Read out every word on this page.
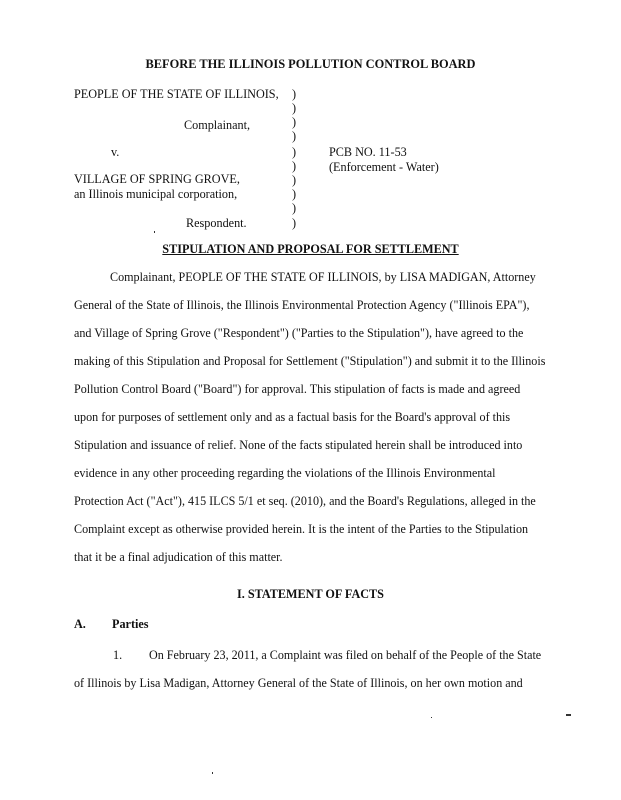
BEFORE THE ILLINOIS POLLUTION CONTROL BOARD
PEOPLE OF THE STATE OF ILLINOIS,
Complainant,
v.
VILLAGE OF SPRING GROVE,
an Illinois municipal corporation,
Respondent.
PCB NO. 11-53
(Enforcement - Water)
)
)
)
)
)
)
)
)
)
)
STIPULATION AND PROPOSAL FOR SETTLEMENT
Complainant, PEOPLE OF THE STATE OF ILLINOIS, by LISA MADIGAN, Attorney
General of the State of Illinois, the Illinois Environmental Protection Agency ("Illinois EPA"),
and Village of Spring Grove ("Respondent") ("Parties to the Stipulation"), have agreed to the
making of this Stipulation and Proposal for Settlement ("Stipulation") and submit it to the Illinois
Pollution Control Board ("Board") for approval. This stipulation of facts is made and agreed
upon for purposes of settlement only and as a factual basis for the Board's approval of this
Stipulation and issuance of relief. None of the facts stipulated herein shall be introduced into
evidence in any other proceeding regarding the violations of the Illinois Environmental
Protection Act ("Act"), 415 ILCS 5/1 et seq. (2010), and the Board's Regulations, alleged in the
Complaint except as otherwise provided herein. It is the intent of the Parties to the Stipulation
that it be a final adjudication of this matter.
I. STATEMENT OF FACTS
A. Parties
1. On February 23, 2011, a Complaint was filed on behalf of the People of the State
of Illinois by Lisa Madigan, Attorney General of the State of Illinois, on her own motion and
